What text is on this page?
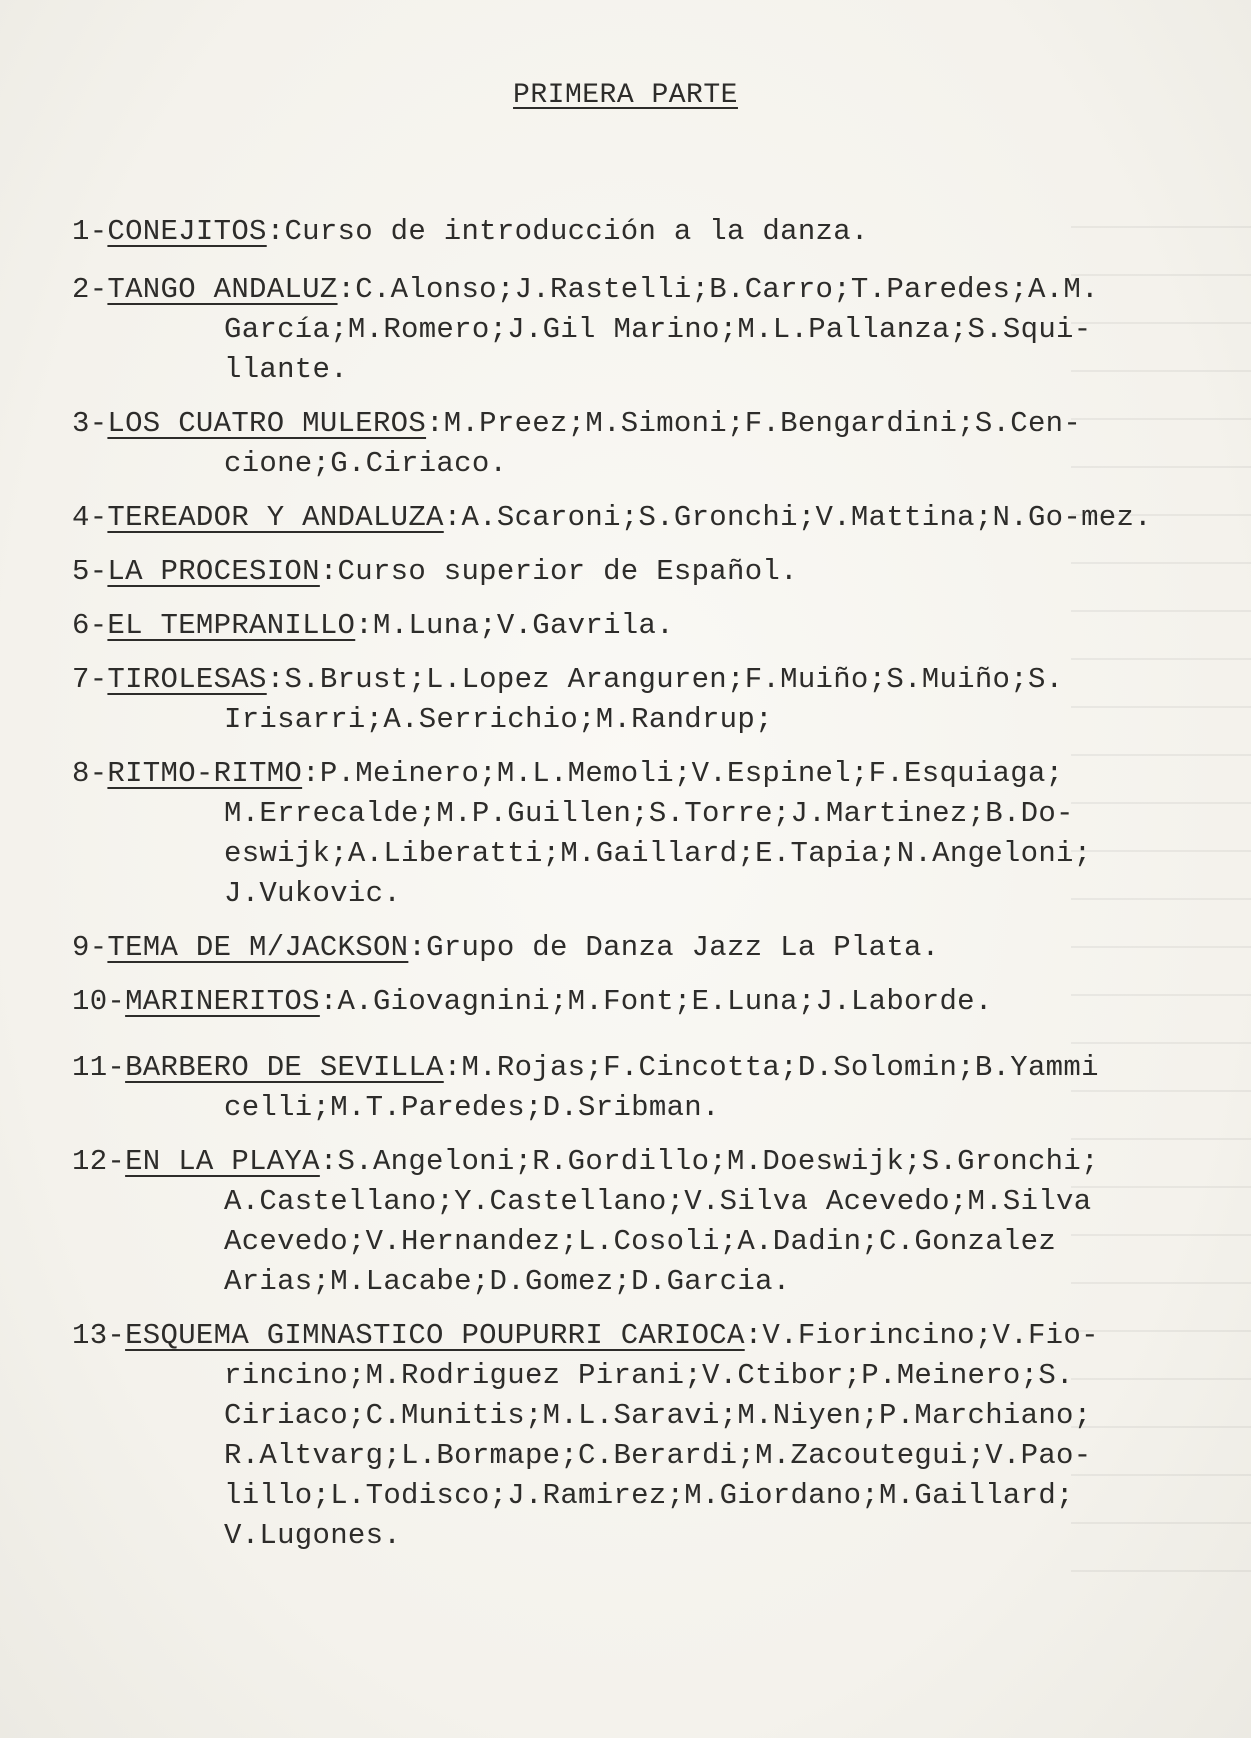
PRIMERA PARTE
1-CONEJITOS:Curso de introducción a la danza.
2-TANGO ANDALUZ:C.Alonso;J.Rastelli;B.Carro;T.Paredes;A.M. García;M.Romero;J.Gil Marino;M.L.Pallanza;S.Squi-llante.
3-LOS CUATRO MULEROS:M.Preez;M.Simoni;F.Bengardini;S.Cen-cione;G.Ciriaco.
4-TEREADOR Y ANDALUZA:A.Scaroni;S.Gronchi;V.Mattina;N.Go-mez.
5-LA PROCESION:Curso superior de Español.
6-EL TEMPRANILLO:M.Luna;V.Gavrila.
7-TIROLESAS:S.Brust;L.Lopez Aranguren;F.Muiño;S.Muiño;S. Irisarri;A.Serrichio;M.Randrup;
8-RITMO-RITMO:P.Meinero;M.L.Memoli;V.Espinel;F.Esquiaga; M.Errecalde;M.P.Guillen;S.Torre;J.Martinez;B.Do-eswijk;A.Liberatti;M.Gaillard;E.Tapia;N.Angeloni; J.Vukovic.
9-TEMA DE M/JACKSON:Grupo de Danza Jazz La Plata.
10-MARINERITOS:A.Giovagnini;M.Font;E.Luna;J.Laborde.
11-BARBERO DE SEVILLA:M.Rojas;F.Cincotta;D.Solomin;B.Yammi celli;M.T.Paredes;D.Sribman.
12-EN LA PLAYA:S.Angeloni;R.Gordillo;M.Doeswijk;S.Gronchi; A.Castellano;Y.Castellano;V.Silva Acevedo;M.Silva Acevedo;V.Hernandez;L.Cosoli;A.Dadin;C.Gonzalez Arias;M.Lacabe;D.Gomez;D.Garcia.
13-ESQUEMA GIMNASTICO POUPURRI CARIOCA:V.Fiorincino;V.Fio-rincino;M.Rodriguez Pirani;V.Ctibor;P.Meinero;S. Ciriaco;C.Munitis;M.L.Saravi;M.Niyen;P.Marchiano; R.Altvarg;L.Bormape;C.Berardi;M.Zacoutegui;V.Pao-lillo;L.Todisco;J.Ramirez;M.Giordano;M.Gaillard; V.Lugones.
